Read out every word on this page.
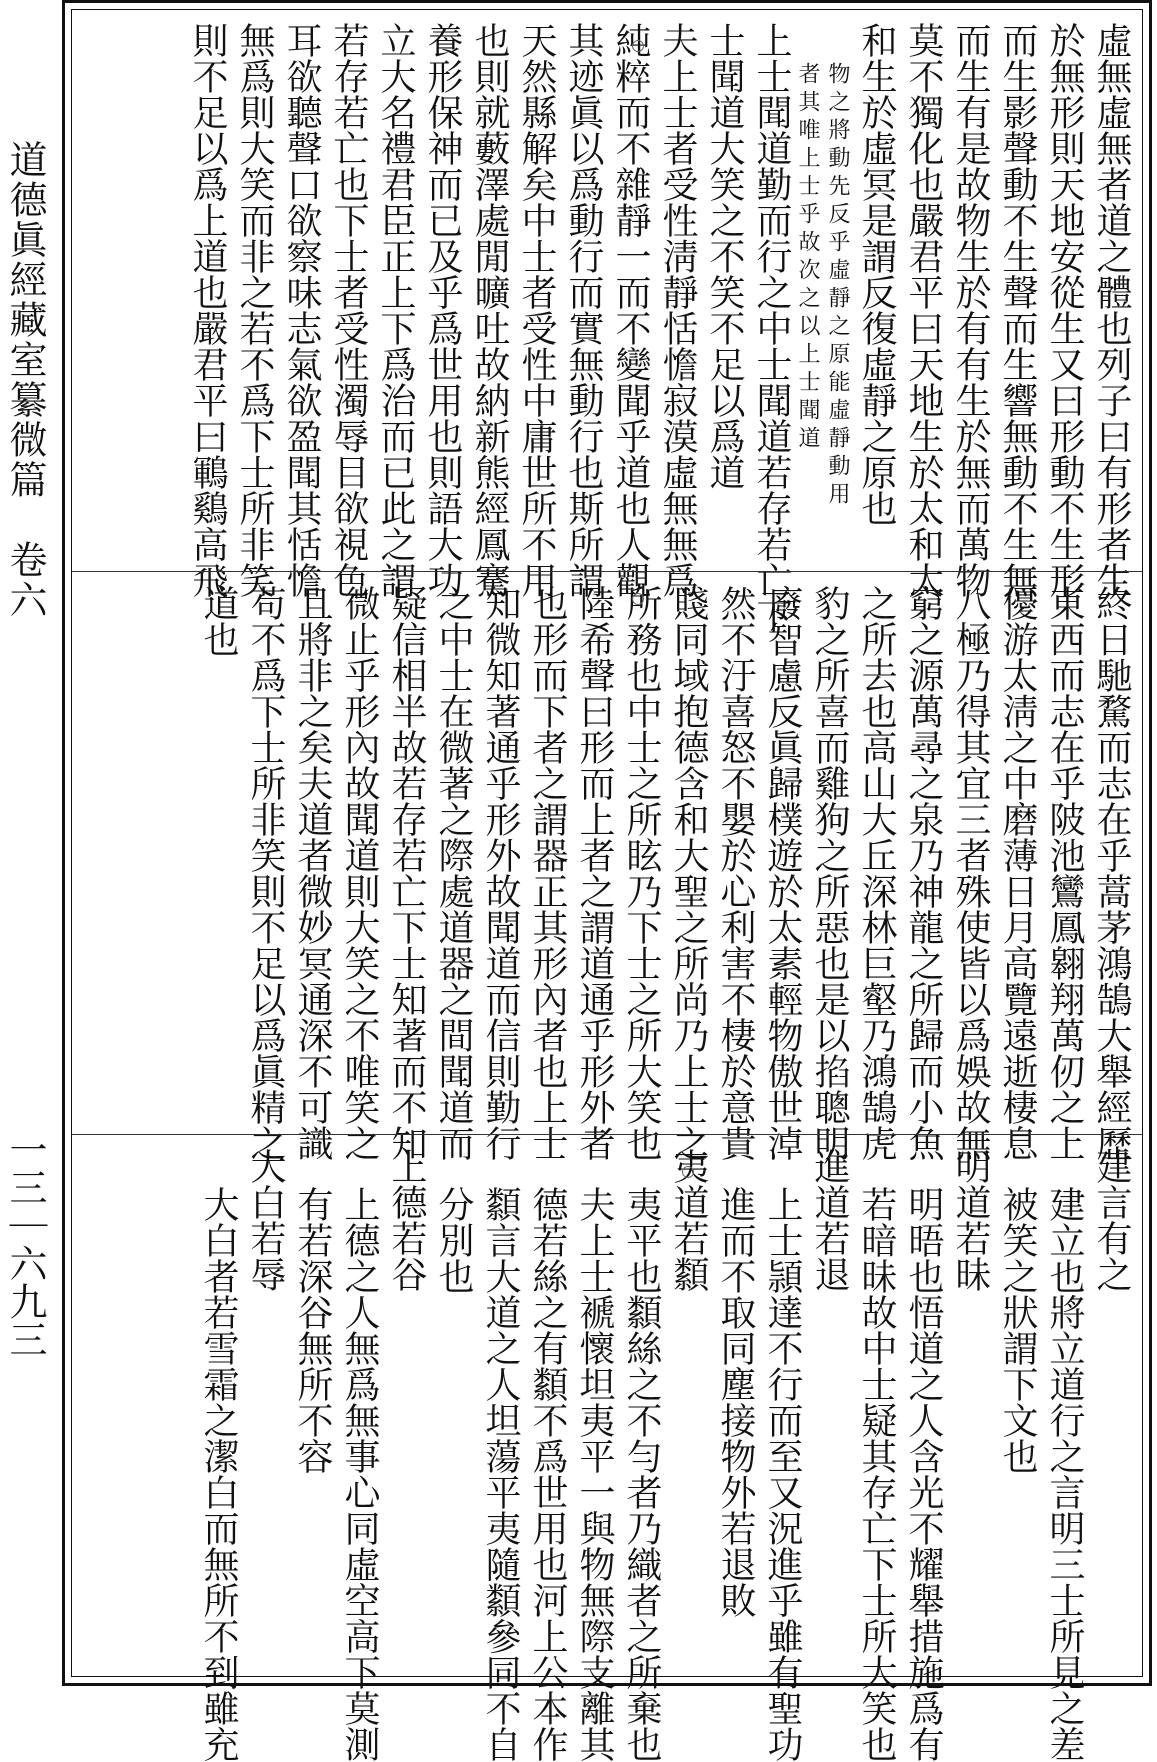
道德眞經藏室纂微篇　卷六
一三｜六九三
虛無虛無者道之體也列子曰有形者生
於無形則天地安從生又曰形動不生形
而生影聲動不生聲而生響無動不生無
而生有是故物生於有有生於無而萬物
莫不獨化也嚴君平曰天地生於太和太
和生於虛冥是謂反復虛靜之原也
物之將動先反乎虛靜之原能虛靜動用
者其唯上士乎故次之以上士聞道
上士聞道勤而行之中士聞道若存若亡下
士聞道大笑之不笑不足以爲道
夫上士者受性淸靜恬憺寂漠虛無無爲
純粹而不雜靜一而不變聞乎道也人觀
其迹眞以爲動行而實無動行也斯所謂
天然縣解矣中士者受性中庸世所不用
也則就藪澤處閒曠吐故納新熊經鳳騫
養形保神而已及乎爲世用也則語大功
立大名禮君臣正上下爲治而已此之謂
若存若亡也下士者受性濁辱目欲視色
耳欲聽聲口欲察味志氣欲盈聞其恬憺
無爲則大笑而非之若不爲下士所非笑
則不足以爲上道也嚴君平曰鶤鷄高飛
終日馳騖而志在乎蒿茅鴻鵠大舉經歷
東西而志在乎陂池鸞鳳翱翔萬仞之上
優游太淸之中磨薄日月高覽遠逝棲息
八極乃得其宜三者殊使皆以爲娛故無
窮之源萬尋之泉乃神龍之所歸而小魚
之所去也高山大丘深林巨壑乃鴻鵠虎
豹之所喜而雞狗之所惡也是以掐聰明
廢智慮反眞歸樸遊於太素輕物傲世淖
然不汙喜怒不嬰於心利害不棲於意貴
賤同域抱德含和大聖之所尚乃上士之
所務也中士之所眩乃下士之所大笑也
陸希聲曰形而上者之謂道通乎形外者
也形而下者之謂器正其形內者也上士
知微知著通乎形外故聞道而信則勤行
之中士在微著之際處道器之間聞道而
疑信相半故若存若亡下士知著而不知
微止乎形內故聞道則大笑之不唯笑之
且將非之矣夫道者微妙冥通深不可識
苟不爲下士所非笑則不足以爲眞精之
道也
建言有之
建立也將立道行之言明三士所見之差
被笑之狀謂下文也
明道若昧
明晤也悟道之人含光不耀舉措施爲有
若暗昧故中士疑其存亡下士所大笑也
進道若退
上士頴達不行而至又況進乎雖有聖功
進而不取同塵接物外若退敗
夷道若纇
夷平也纇絲之不勻者乃織者之所棄也
夫上士褫懷坦夷平一與物無際支離其
德若絲之有纇不爲世用也河上公本作
纇言大道之人坦蕩平夷隨纇參同不自
分別也
上德若谷
上德之人無爲無事心同虛空高下莫測
有若深谷無所不容
大白若辱
大白者若雪霜之潔白而無所不到雖充
